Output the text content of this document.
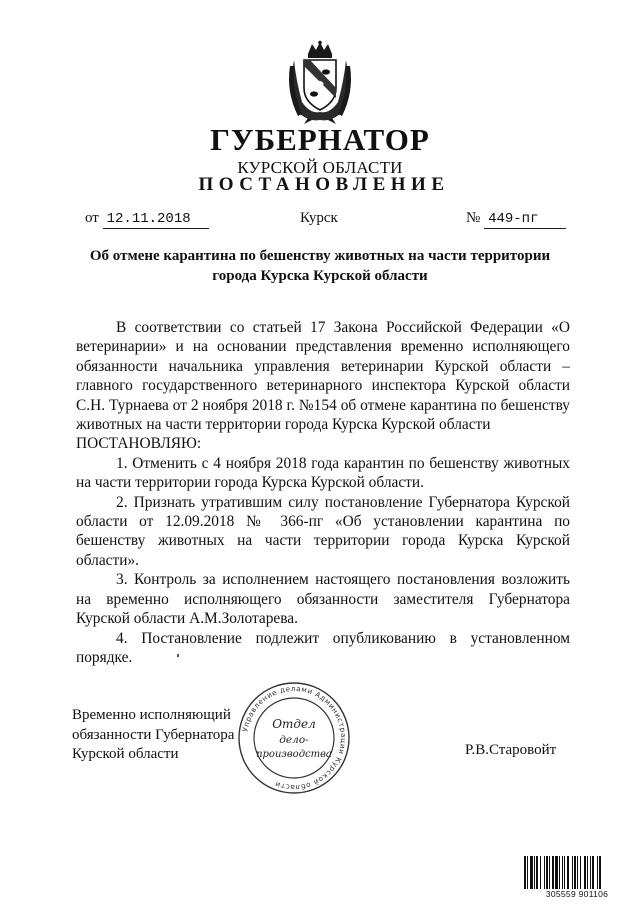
ГУБЕРНАТОР
КУРСКОЙ ОБЛАСТИ
ПОСТАНОВЛЕНИЕ
от 12.11.2018	Курск	№ 449-пг
Об отмене карантина по бешенству животных на части территории города Курска Курской области

В соответствии со статьей 17 Закона Российской Федерации «О ветеринарии» и на основании представления временно исполняющего обязанности начальника управления ветеринарии Курской области – главного государственного ветеринарного инспектора Курской области С.Н. Турнаева от 2 ноября 2018 г. №154 об отмене карантина по бешенству животных на части территории города Курска Курской области

ПОСТАНОВЛЯЮ:

1. Отменить с 4 ноября 2018 года карантин по бешенству животных на части территории города Курска Курской области.

2. Признать утратившим силу постановление Губернатора Курской области от 12.09.2018 № 366-пг «Об установлении карантина по бешенству животных на части территории города Курска Курской области».

3. Контроль за исполнением настоящего постановления возложить на временно исполняющего обязанности заместителя Губернатора Курской области А.М.Золотарева.

4. Постановление подлежит опубликованию в установленном порядке.

Временно исполняющий
обязанности Губернатора
Курской области
Управление делами Администрации Курской области
Отдел
дело-
производства	Р.В.Старовойт
305559 901106
